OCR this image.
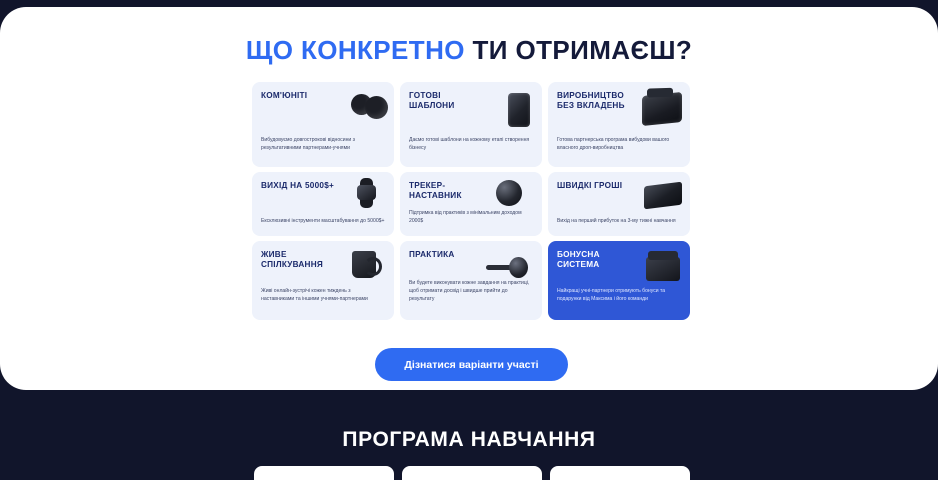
ЩО КОНКРЕТНО ТИ ОТРИМАЄШ?
КОМ'ЮНІТІ
Вибудовуємо довгострокові відносини з результативними партнерами-учнями
ГОТОВІ ШАБЛОНИ
Даємо готові шаблони на кожному етапі створення бізнесу
ВИРОБНИЦТВО БЕЗ ВКЛАДЕНЬ
Готова партнерська програма вибудови вашого власного дроп-виробництва
ВИХІД НА 5000$+
Ексклюзивні інструменти масштабування до 5000$+
ТРЕКЕР-НАСТАВНИК
Підтримка від практиків з мінімальним доходом 2000$
ШВИДКІ ГРОШІ
Вихід на перший прибуток на 3-му тижні навчання
ЖИВЕ СПІЛКУВАННЯ
Живі онлайн-зустрічі кожен тиждень з наставниками та іншими учнями-партнерами
ПРАКТИКА
Ви будете виконувати кожне завдання на практиці, щоб отримати досвід і швидше прийти до результату
БОНУСНА СИСТЕМА
Найкращі учні-партнери отримують бонуси та подарунки від Максима і його команди
Дізнатися варіанти участі
ПРОГРАМА НАВЧАННЯ
